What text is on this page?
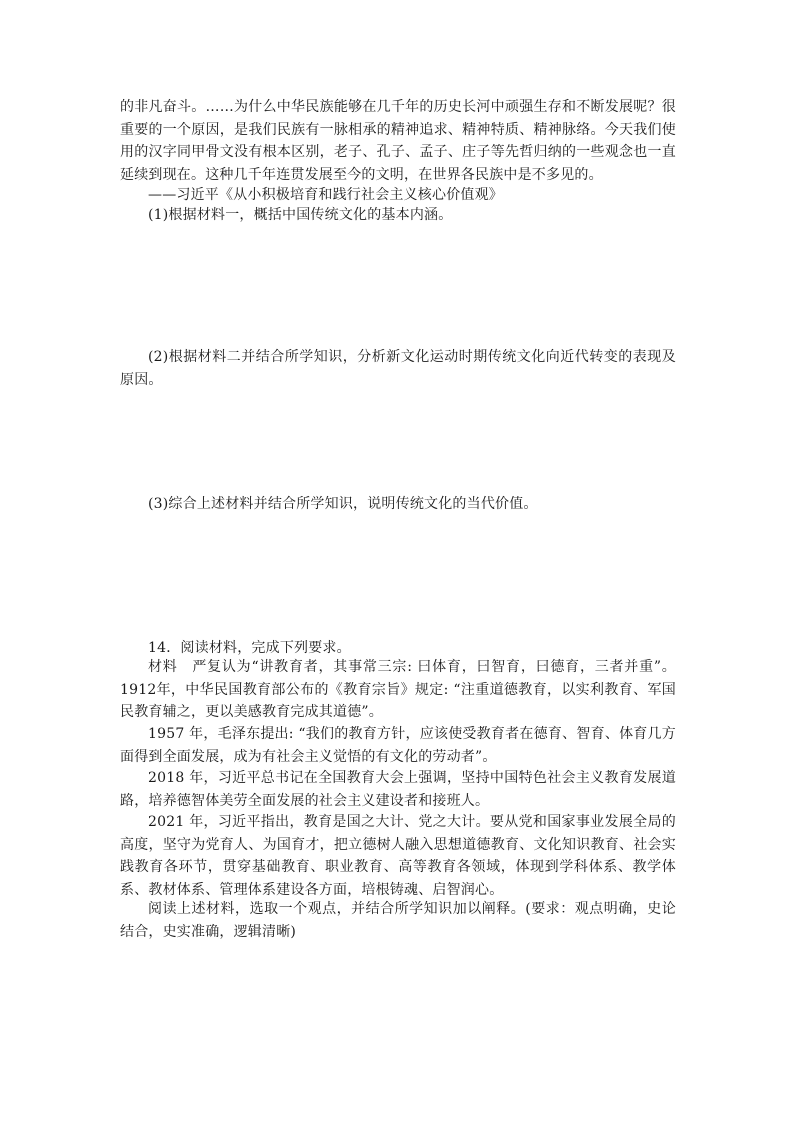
的非凡奋斗。……为什么中华民族能够在几千年的历史长河中顽强生存和不断发展呢？很重要的一个原因，是我们民族有一脉相承的精神追求、精神特质、精神脉络。今天我们使用的汉字同甲骨文没有根本区别，老子、孔子、孟子、庄子等先哲归纳的一些观念也一直延续到现在。这种几千年连贯发展至今的文明，在世界各民族中是不多见的。
——习近平《从小积极培育和践行社会主义核心价值观》
(1)根据材料一，概括中国传统文化的基本内涵。
(2)根据材料二并结合所学知识，分析新文化运动时期传统文化向近代转变的表现及原因。
(3)综合上述材料并结合所学知识，说明传统文化的当代价值。
14．阅读材料，完成下列要求。
材料　严复认为“讲教育者，其事常三宗: 曰体育，曰智育，曰德育，三者并重”。1912年，中华民国教育部公布的《教育宗旨》规定: “注重道德教育，以实利教育、军国民教育辅之，更以美感教育完成其道德”。
1957 年，毛泽东提出: “我们的教育方针，应该使受教育者在德育、智育、体育几方面得到全面发展，成为有社会主义觉悟的有文化的劳动者”。
2018 年，习近平总书记在全国教育大会上强调，坚持中国特色社会主义教育发展道路，培养德智体美劳全面发展的社会主义建设者和接班人。
2021 年，习近平指出，教育是国之大计、党之大计。要从党和国家事业发展全局的高度，坚守为党育人、为国育才，把立德树人融入思想道德教育、文化知识教育、社会实践教育各环节，贯穿基础教育、职业教育、高等教育各领域，体现到学科体系、教学体系、教材体系、管理体系建设各方面，培根铸魂、启智润心。
阅读上述材料，选取一个观点，并结合所学知识加以阐释。(要求：观点明确，史论结合，史实准确，逻辑清晰)
